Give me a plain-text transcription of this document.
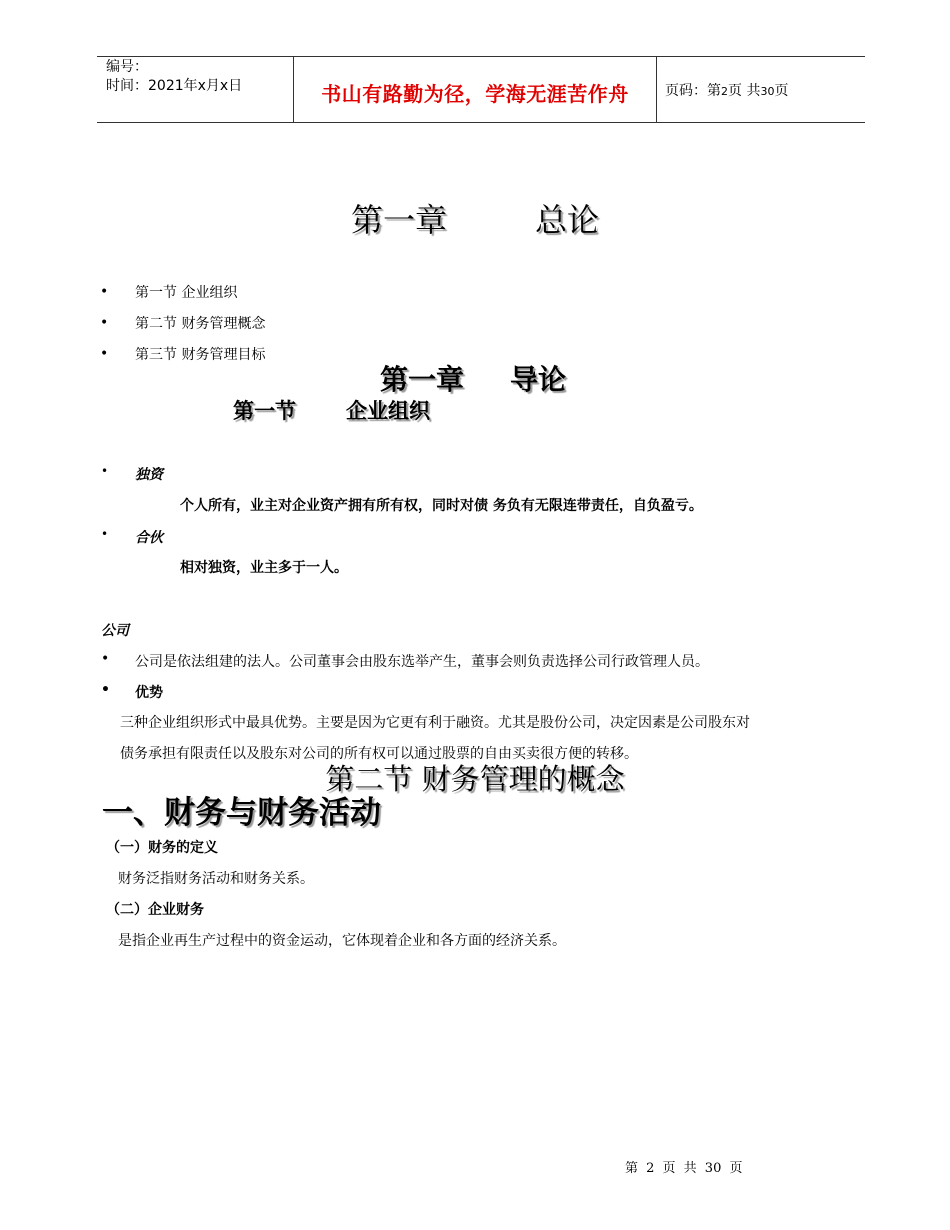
编号：
时间：2021年x月x日	书山有路勤为径，学海无涯苦作舟	页码：第2页 共30页
第一章	总论
•	第一节 企业组织
•	第二节 财务管理概念
•	第三节 财务管理目标
第一章 导论
第一节 企业组织
• 独资
个人所有，业主对企业资产拥有所有权，同时对债 务负有无限连带责任，自负盈亏。
• 合伙
相对独资，业主多于一人。
公司
• 公司是依法组建的法人。公司董事会由股东选举产生，董事会则负责选择公司行政管理人员。
• 优势
三种企业组织形式中最具优势。主要是因为它更有利于融资。尤其是股份公司，决定因素是公司股东对
债务承担有限责任以及股东对公司的所有权可以通过股票的自由买卖很方便的转移。
第二节 财务管理的概念
一、财务与财务活动
（一）财务的定义
财务泛指财务活动和财务关系。
（二）企业财务
是指企业再生产过程中的资金运动，它体现着企业和各方面的经济关系。
第 2 页 共 30 页
